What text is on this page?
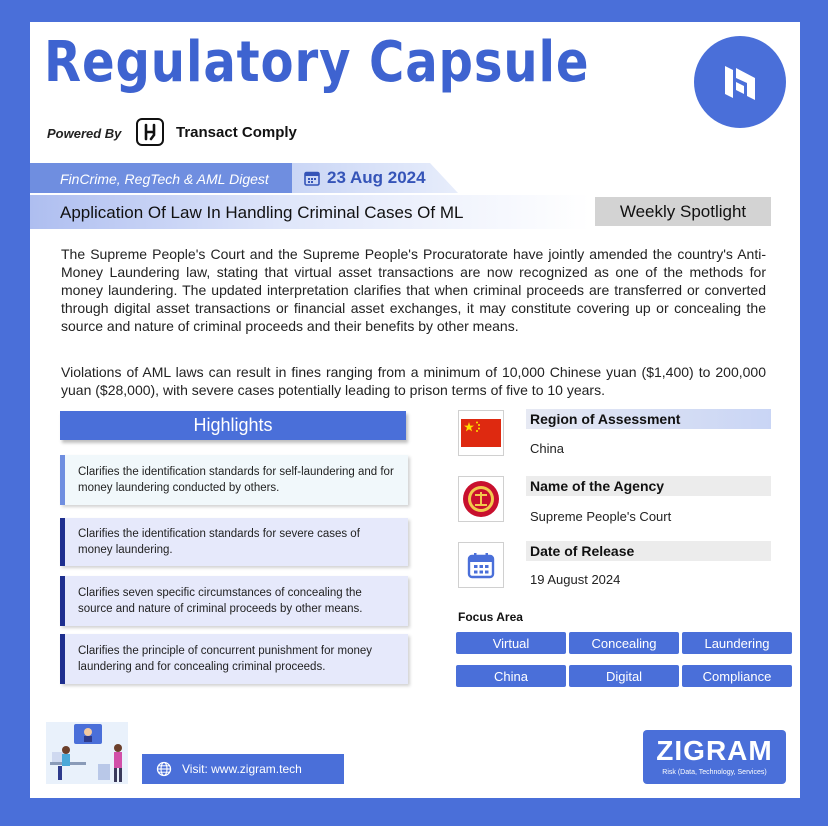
Regulatory Capsule
Powered By	Transact Comply
FinCrime, RegTech & AML Digest	23 Aug 2024
Application Of Law In Handling Criminal Cases Of ML	Weekly Spotlight
The Supreme People's Court and the Supreme People's Procuratorate have jointly amended the country's Anti-Money Laundering law, stating that virtual asset transactions are now recognized as one of the methods for money laundering. The updated interpretation clarifies that when criminal proceeds are transferred or converted through digital asset transactions or financial asset exchanges, it may constitute covering up or concealing the source and nature of criminal proceeds and their benefits by other means.
Violations of AML laws can result in fines ranging from a minimum of 10,000 Chinese yuan ($1,400) to 200,000 yuan ($28,000), with severe cases potentially leading to prison terms of five to 10 years.
Highlights
Clarifies the identification standards for self-laundering and for money laundering conducted by others.
Clarifies the identification standards for severe cases of money laundering.
Clarifies seven specific circumstances of concealing the source and nature of criminal proceeds by other means.
Clarifies the principle of concurrent punishment for money laundering and for concealing criminal proceeds.
Region of Assessment
China
Name of the Agency
Supreme People's Court
Date of Release
19 August 2024
Focus Area
Virtual	Concealing	Laundering
China	Digital	Compliance
Visit: www.zigram.tech
ZIGRAM
Risk (Data, Technology, Services)
